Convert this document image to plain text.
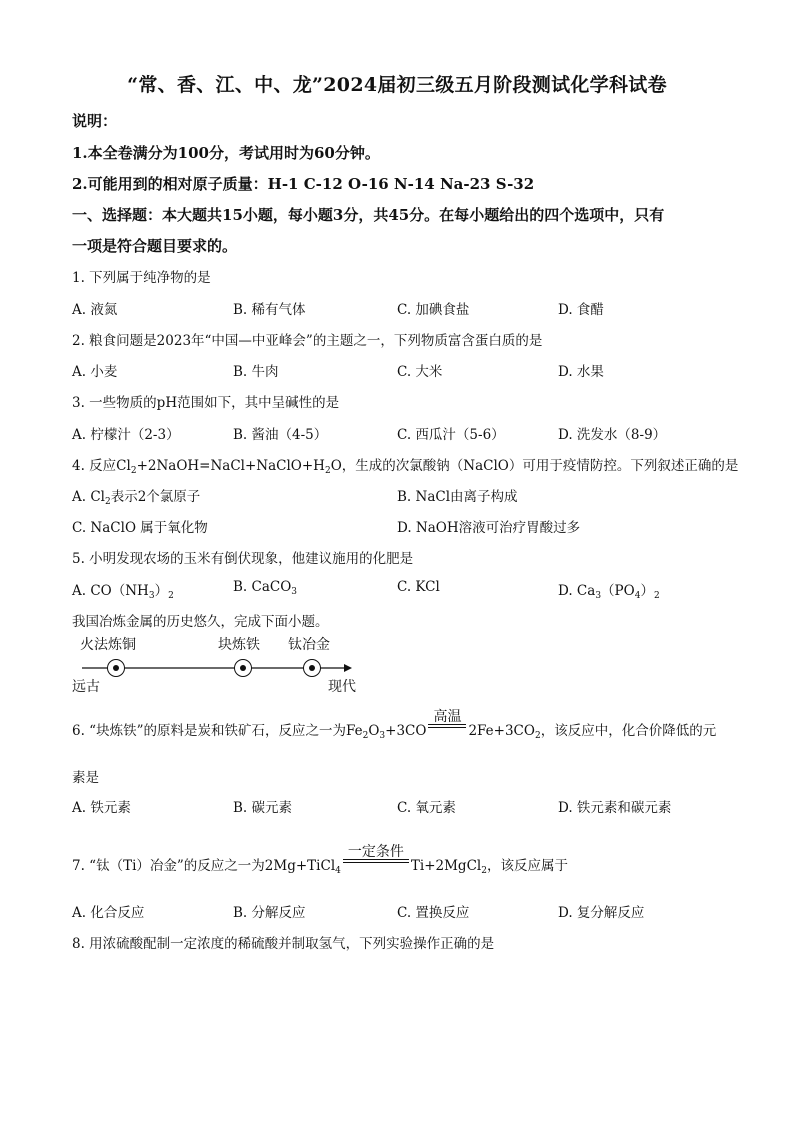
“常、香、江、中、龙”2024届初三级五月阶段测试化学科试卷
说明：
1.本全卷满分为100分，考试用时为60分钟。
2.可能用到的相对原子质量：H-1 C-12 O-16 N-14 Na-23 S-32
一、选择题：本大题共15小题，每小题3分，共45分。在每小题给出的四个选项中，只有
一项是符合题目要求的。
1. 下列属于纯净物的是
A. 液氮	B. 稀有气体	C. 加碘食盐	D. 食醋
2. 粮食问题是2023年“中国—中亚峰会”的主题之一，下列物质富含蛋白质的是
A. 小麦	B. 牛肉	C. 大米	D. 水果
3. 一些物质的pH范围如下，其中呈碱性的是
A. 柠檬汁（2-3）	B. 酱油（4-5）	C. 西瓜汁（5-6）	D. 洗发水（8-9）
4. 反应$Cl_2+2NaOH=NaCl+NaClO+H_2O$，生成的次氯酸钠（NaClO）可用于疫情防控。下列叙述正确的是
A. $Cl_2$表示2个氯原子	B. NaCl由离子构成
C. NaClO 属于氧化物	D. NaOH溶液可治疗胃酸过多
5. 小明发现农场的玉米有倒伏现象，他建议施用的化肥是
A. $CO(NH_3)_2$
B. CaCO$_3$	C. KCl	D. $Ca_3(PO_4)_2$
我国冶炼金属的历史悠久，完成下面小题。
火法炼铜	块炼铁 钛冶金
远古	现代
6. “块炼铁”的原料是炭和铁矿石，反应之一为$Fe_2O_3+3CO$
高温
$2Fe+3CO_2$，该反应中，化合价降低的元
素是
A. 铁元素	B. 碳元素	C. 氧元素	D. 铁元素和碳元素
7. “钛（Ti）冶金”的反应之一为2Mg+TiCl$_4$
一定条件
Ti+2MgCl$_2$，该反应属于
A. 化合反应	B. 分解反应	C. 置换反应	D. 复分解反应
8. 用浓硫酸配制一定浓度的稀硫酸并制取氢气，下列实验操作正确的是
